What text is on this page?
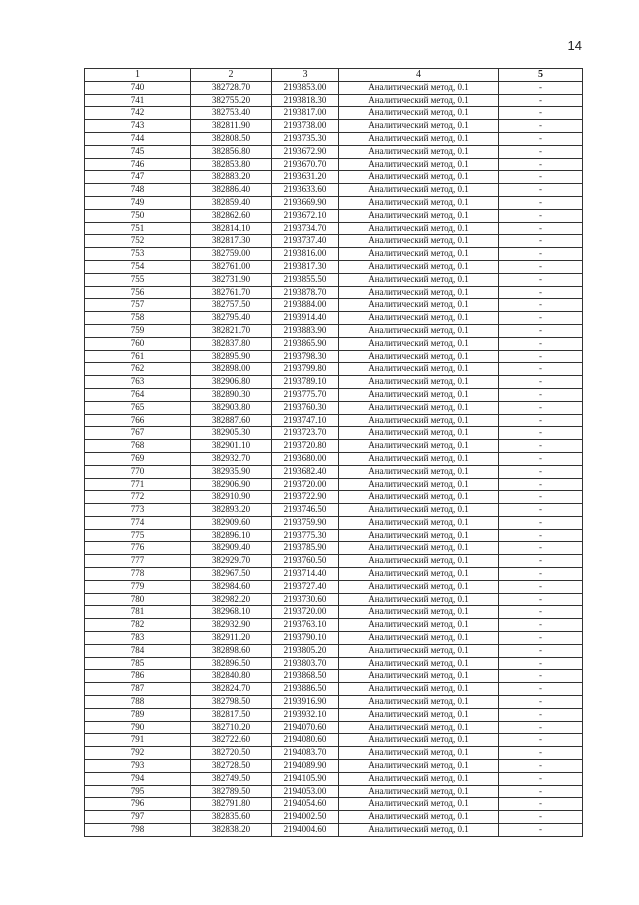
14
1	2	3	4	5
740	382728.70	2193853.00	Аналитический метод, 0.1	-
741	382755.20	2193818.30	Аналитический метод, 0.1	-
742	382753.40	2193817.00	Аналитический метод, 0.1	-
743	382811.90	2193738.00	Аналитический метод, 0.1	-
744	382808.50	2193735.30	Аналитический метод, 0.1	-
745	382856.80	2193672.90	Аналитический метод, 0.1	-
746	382853.80	2193670.70	Аналитический метод, 0.1	-
747	382883.20	2193631.20	Аналитический метод, 0.1	-
748	382886.40	2193633.60	Аналитический метод, 0.1	-
749	382859.40	2193669.90	Аналитический метод, 0.1	-
750	382862.60	2193672.10	Аналитический метод, 0.1	-
751	382814.10	2193734.70	Аналитический метод, 0.1	-
752	382817.30	2193737.40	Аналитический метод, 0.1	-
753	382759.00	2193816.00	Аналитический метод, 0.1	-
754	382761.00	2193817.30	Аналитический метод, 0.1	-
755	382731.90	2193855.50	Аналитический метод, 0.1	-
756	382761.70	2193878.70	Аналитический метод, 0.1	-
757	382757.50	2193884.00	Аналитический метод, 0.1	-
758	382795.40	2193914.40	Аналитический метод, 0.1	-
759	382821.70	2193883.90	Аналитический метод, 0.1	-
760	382837.80	2193865.90	Аналитический метод, 0.1	-
761	382895.90	2193798.30	Аналитический метод, 0.1	-
762	382898.00	2193799.80	Аналитический метод, 0.1	-
763	382906.80	2193789.10	Аналитический метод, 0.1	-
764	382890.30	2193775.70	Аналитический метод, 0.1	-
765	382903.80	2193760.30	Аналитический метод, 0.1	-
766	382887.60	2193747.10	Аналитический метод, 0.1	-
767	382905.30	2193723.70	Аналитический метод, 0.1	-
768	382901.10	2193720.80	Аналитический метод, 0.1	-
769	382932.70	2193680.00	Аналитический метод, 0.1	-
770	382935.90	2193682.40	Аналитический метод, 0.1	-
771	382906.90	2193720.00	Аналитический метод, 0.1	-
772	382910.90	2193722.90	Аналитический метод, 0.1	-
773	382893.20	2193746.50	Аналитический метод, 0.1	-
774	382909.60	2193759.90	Аналитический метод, 0.1	-
775	382896.10	2193775.30	Аналитический метод, 0.1	-
776	382909.40	2193785.90	Аналитический метод, 0.1	-
777	382929.70	2193760.50	Аналитический метод, 0.1	-
778	382967.50	2193714.40	Аналитический метод, 0.1	-
779	382984.60	2193727.40	Аналитический метод, 0.1	-
780	382982.20	2193730.60	Аналитический метод, 0.1	-
781	382968.10	2193720.00	Аналитический метод, 0.1	-
782	382932.90	2193763.10	Аналитический метод, 0.1	-
783	382911.20	2193790.10	Аналитический метод, 0.1	-
784	382898.60	2193805.20	Аналитический метод, 0.1	-
785	382896.50	2193803.70	Аналитический метод, 0.1	-
786	382840.80	2193868.50	Аналитический метод, 0.1	-
787	382824.70	2193886.50	Аналитический метод, 0.1	-
788	382798.50	2193916.90	Аналитический метод, 0.1	-
789	382817.50	2193932.10	Аналитический метод, 0.1	-
790	382710.20	2194070.60	Аналитический метод, 0.1	-
791	382722.60	2194080.60	Аналитический метод, 0.1	-
792	382720.50	2194083.70	Аналитический метод, 0.1	-
793	382728.50	2194089.90	Аналитический метод, 0.1	-
794	382749.50	2194105.90	Аналитический метод, 0.1	-
795	382789.50	2194053.00	Аналитический метод, 0.1	-
796	382791.80	2194054.60	Аналитический метод, 0.1	-
797	382835.60	2194002.50	Аналитический метод, 0.1	-
798	382838.20	2194004.60	Аналитический метод, 0.1	-
